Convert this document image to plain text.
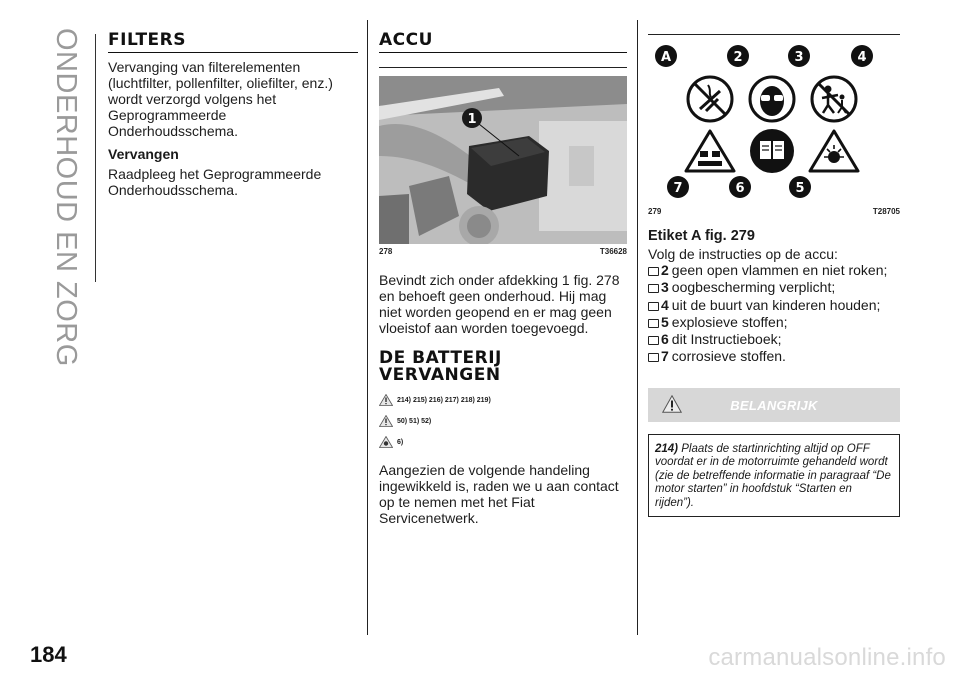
ONDERHOUD EN ZORG
184
FILTERS

Vervanging van filterelementen (luchtfilter, pollenfilter, oliefilter, enz.) wordt verzorgd volgens het Geprogrammeerde Onderhoudsschema.

Vervangen

Raadpleeg het Geprogrammeerde Onderhoudsschema.

ACCU
1
278	T36628

Bevindt zich onder afdekking 1 fig. 278 en behoeft geen onderhoud. Hij mag niet worden geopend en er mag geen vloeistof aan worden toegevoegd.

DE BATTERIJ
VERVANGEN
214) 215) 216) 217) 218) 219)
50) 51) 52)
6)

Aangezien de volgende handeling ingewikkeld is, raden we u aan contact op te nemen met het Fiat Servicenetwerk.

A	2	3	4
7	6	5
279	T28705
Etiket A fig. 279

Volg de instructies op de accu:

2 geen open vlammen en niet roken;
3 oogbescherming verplicht;
4 uit de buurt van kinderen houden;
5 explosieve stoffen;
6 dit Instructieboek;
7 corrosieve stoffen.
BELANGRIJK
214) Plaats de startinrichting altijd op OFF voordat er in de motorruimte gehandeld wordt (zie de betreffende informatie in paragraaf “De motor starten” in hoofdstuk “Starten en rijden”).
carmanualsonline.info
